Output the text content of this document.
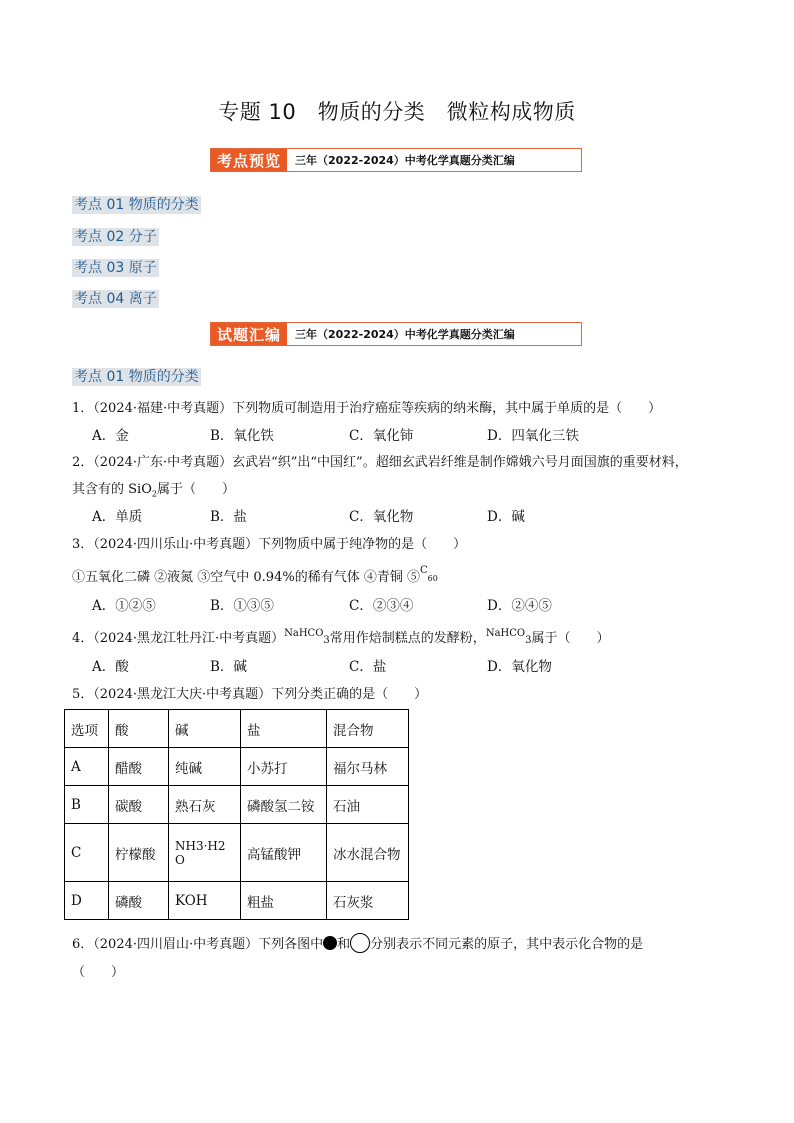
专题 10　物质的分类　微粒构成物质
考点预览	三年（2022-2024）中考化学真题分类汇编
考点 01 物质的分类
考点 02 分子
考点 03 原子
考点 04 离子
试题汇编	三年（2022-2024）中考化学真题分类汇编
考点 01 物质的分类
1．（2024·福建·中考真题）下列物质可制造用于治疗癌症等疾病的纳米酶，其中属于单质的是（　　）
A．金	B．氧化铁	C．氧化铈	D．四氧化三铁
2．（2024·广东·中考真题）玄武岩“织”出“中国红”。超细玄武岩纤维是制作嫦娥六号月面国旗的重要材料，
其含有的 SiO$_2$属于（　　）
A．单质	B．盐	C．氧化物	D．碱
3．（2024·四川乐山·中考真题）下列物质中属于纯净物的是（　　）
①五氧化二磷 ②液氮 ③空气中 0.94%的稀有气体 ④青铜 ⑤$^C_{60}$
A．①②⑤	B．①③⑤	C．②③④	D．②④⑤
4．（2024·黑龙江牡丹江·中考真题）$^{NaHCO}_3$常用作焙制糕点的发酵粉，$^{NaHCO}_3$属于（　　）
A．酸	B．碱	C．盐	D．氧化物
5．（2024·黑龙江大庆·中考真题）下列分类正确的是（　　）
选项	酸	碱	盐	混合物
A	醋酸	纯碱	小苏打	福尔马林
B	碳酸	熟石灰	磷酸氢二铵	石油
C	柠檬酸	NH3·H2O	高锰酸钾	冰水混合物
D	磷酸	KOH	粗盐	石灰浆
6．（2024·四川眉山·中考真题）下列各图中 和 分别表示不同元素的原子，其中表示化合物的是
（　　）
